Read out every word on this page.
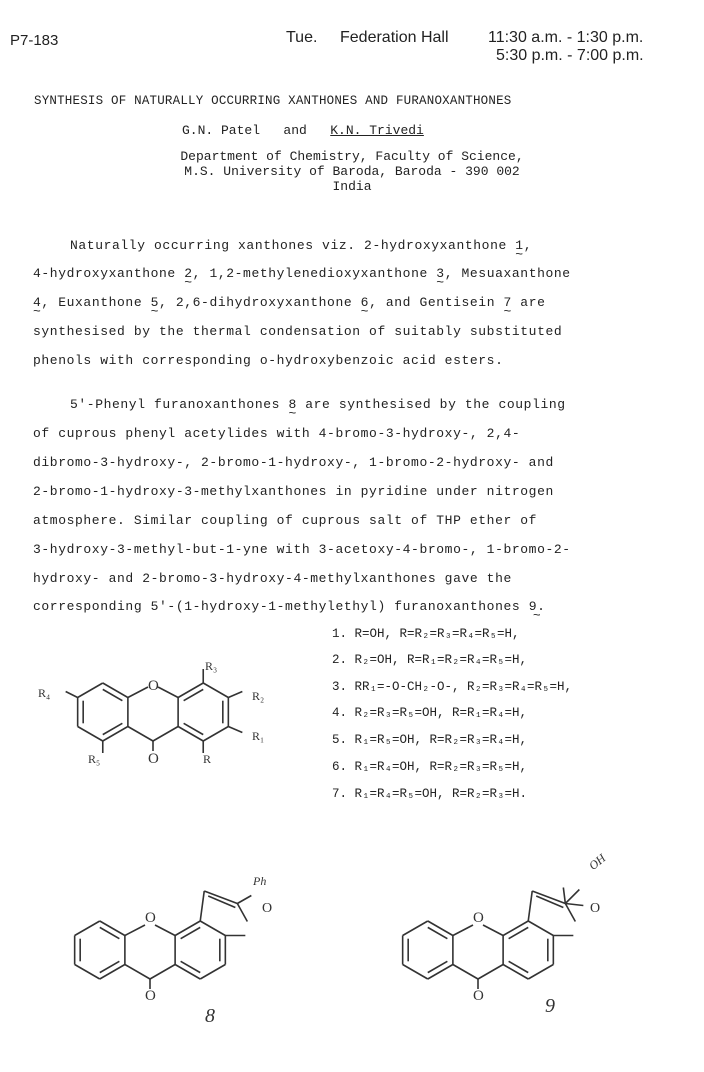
P7-183	Tue. Federation Hall 11:30 a.m. - 1:30 p.m.
5:30 p.m. - 7:00 p.m.
SYNTHESIS OF NATURALLY OCCURRING XANTHONES AND FURANOXANTHONES
G.N. Patel and K.N. Trivedi
Department of Chemistry, Faculty of Science,
M.S. University of Baroda, Baroda - 390 002
India
Naturally occurring xanthones viz. 2-hydroxyxanthone 1 ~,
4-hydroxyxanthone 2 ~, 1,2-methylenedioxyxanthone 3 ~, Mesuaxanthone
4 ~, Euxanthone 5 ~, 2,6-dihydroxyxanthone 6 ~, and Gentisein 7 ~ are
synthesised by the thermal condensation of suitably substituted
phenols with corresponding o-hydroxybenzoic acid esters.
5'-Phenyl furanoxanthones 8 ~ are synthesised by the coupling
of cuprous phenyl acetylides with 4-bromo-3-hydroxy-, 2,4-
dibromo-3-hydroxy-, 2-bromo-1-hydroxy-, 1-bromo-2-hydroxy- and
2-bromo-1-hydroxy-3-methylxanthones in pyridine under nitrogen
atmosphere. Similar coupling of cuprous salt of THP ether of
3-hydroxy-3-methyl-but-1-yne with 3-acetoxy-4-bromo-, 1-bromo-2-
hydroxy- and 2-bromo-3-hydroxy-4-methylxanthones gave the
corresponding 5'-(1-hydroxy-1-methylethyl) furanoxanthones 9. ~
1. R=OH, R=R₂=R₃=R₄=R₅=H,
2. R₂=OH, R=R₁=R₂=R₄=R₅=H,
3. RR₁=-O-CH₂-O-, R₂=R₃=R₄=R₅=H,
4. R₂=R₃=R₅=OH, R=R₁=R₄=H,
5. R₁=R₅=OH, R=R₂=R₃=R₄=H,
6. R₁=R₄=OH, R=R₂=R₃=R₅=H,
7. R₁=R₄=R₅=OH, R=R₂=R₃=H.
O
O
R₃
R₂
R₁
R
R₅
R₄
O
O
O
Ph
8
O
O
O
OH
9
